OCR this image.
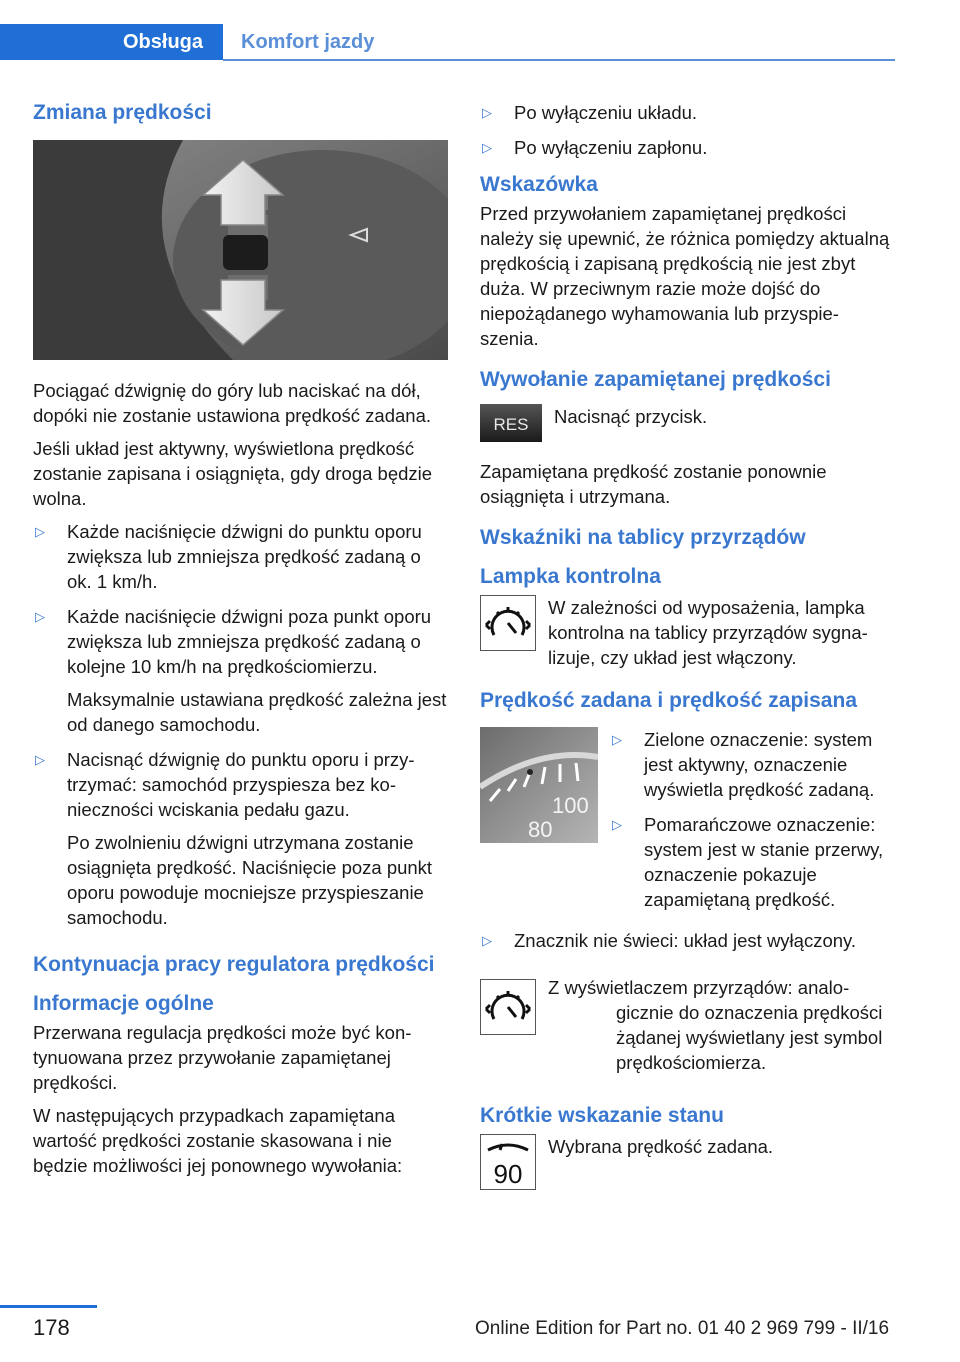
Obsługa	Komfort jazdy
Zmiana prędkości

Pociągać dźwignię do góry lub naciskać na dół, dopóki nie zostanie ustawiona prędkość zadana.

Jeśli układ jest aktywny, wyświetlona prędkość zostanie zapisana i osiągnięta, gdy droga będzie wolna.

▷ Każde naciśnięcie dźwigni do punktu oporu zwiększa lub zmniejsza prędkość zadaną o ok. 1 km/h.
▷ Każde naciśnięcie dźwigni poza punkt oporu zwiększa lub zmniejsza prędkość zadaną o kolejne 10 km/h na prędkościomierzu.

Maksymalnie ustawiana prędkość zależna jest od danego samochodu.

▷ Nacisnąć dźwignię do punktu oporu i przytrzymać: samochód przyspiesza bez konieczności wciskania pedału gazu.

Po zwolnieniu dźwigni utrzymana zostanie osiągnięta prędkość. Naciśnięcie poza punkt oporu powoduje mocniejsze przyspieszanie samochodu.

Kontynuacja pracy regulatora prędkości
Informacje ogólne

Przerwana regulacja prędkości może być kontynuowana przez przywołanie zapamiętanej prędkości.

W następujących przypadkach zapamiętana wartość prędkości zostanie skasowana i nie będzie możliwości jej ponownego wywołania:

▷ Po wyłączeniu układu.
▷ Po wyłączeniu zapłonu.
Wskazówka

Przed przywołaniem zapamiętanej prędkości należy się upewnić, że różnica pomiędzy aktualną prędkością i zapisaną prędkością nie jest zbyt duża. W przeciwnym razie może dojść do niepożądanego wyhamowania lub przyspieszenia.

Wywołanie zapamiętanej prędkości
RES Nacisnąć przycisk.

Zapamiętana prędkość zostanie ponownie osiągnięta i utrzymana.

Wskaźniki na tablicy przyrządów
Lampka kontrolna
W zależności od wyposażenia, lampka kontrolna na tablicy przyrządów sygnalizuje, czy układ jest włączony.
Prędkość zadana i prędkość zapisana
100
80
▷ Zielone oznaczenie: system jest aktywny, oznaczenie wyświetla prędkość zadaną.
▷ Pomarańczowe oznaczenie: system jest w stanie przerwy, oznaczenie pokazuje zapamiętaną prędkość.
▷ Znacznik nie świeci: układ jest wyłączony.

Z wyświetlaczem przyrządów: analogicznie do oznaczenia prędkości żądanej wyświetlany jest symbol prędkościomierza.

Krótkie wskazanie stanu
90
Wybrana prędkość zadana.
178	Online Edition for Part no. 01 40 2 969 799 - II/16
